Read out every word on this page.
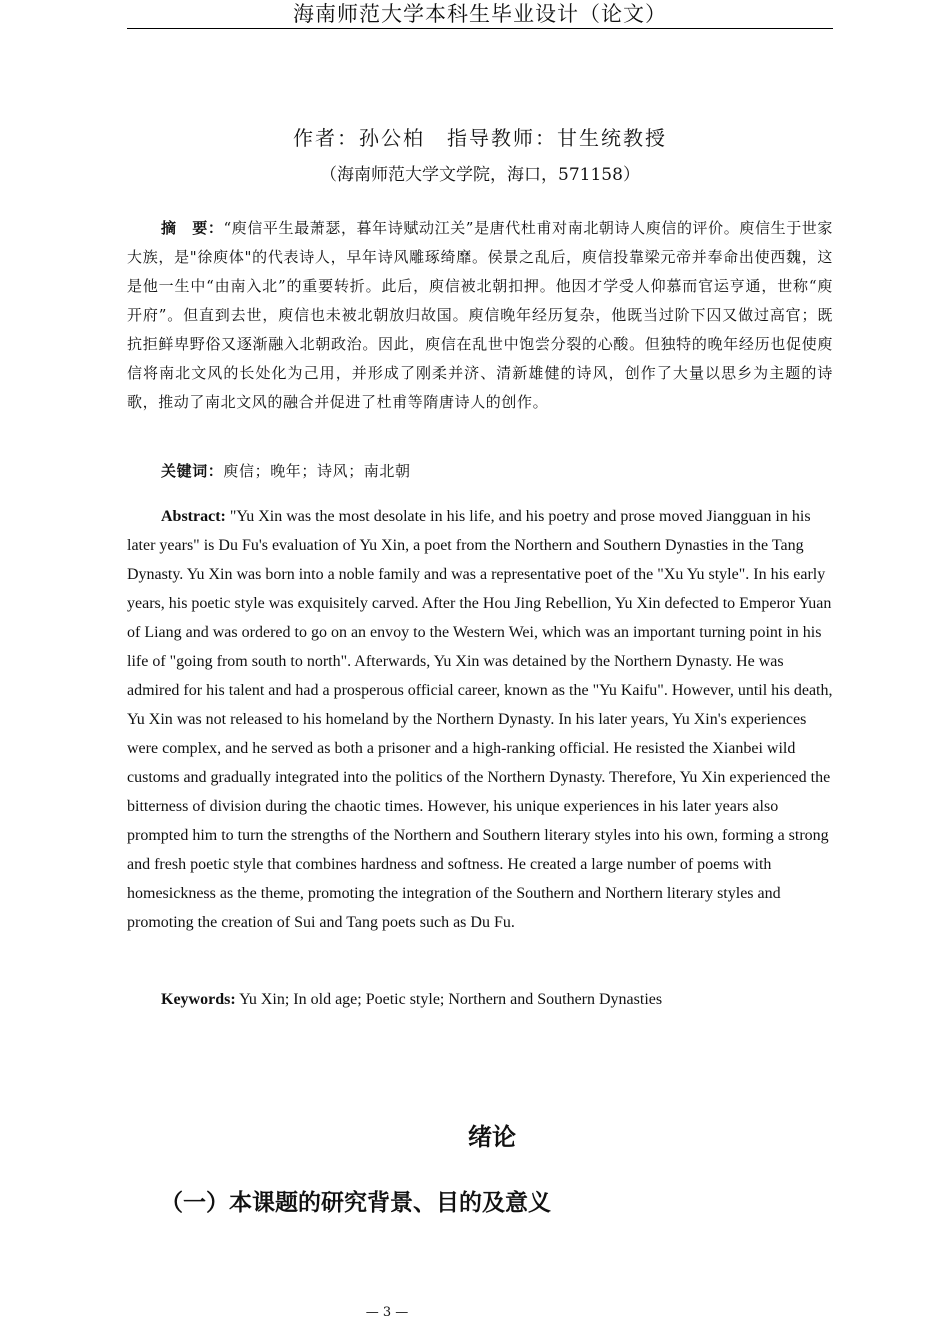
海南师范大学本科生毕业设计（论文）
作者：孙公柏　指导教师：甘生统教授
（海南师范大学文学院，海口，571158）

摘　要：“庾信平生最萧瑟，暮年诗赋动江关”是唐代杜甫对南北朝诗人庾信的评价。庾信生于世家大族，是"徐庾体"的代表诗人，早年诗风雕琢绮靡。侯景之乱后，庾信投靠梁元帝并奉命出使西魏，这是他一生中“由南入北”的重要转折。此后，庾信被北朝扣押。他因才学受人仰慕而官运亨通，世称“庾开府”。但直到去世，庾信也未被北朝放归故国。庾信晚年经历复杂，他既当过阶下囚又做过高官；既抗拒鲜卑野俗又逐渐融入北朝政治。因此，庾信在乱世中饱尝分裂的心酸。但独特的晚年经历也促使庾信将南北文风的长处化为己用，并形成了刚柔并济、清新雄健的诗风，创作了大量以思乡为主题的诗歌，推动了南北文风的融合并促进了杜甫等隋唐诗人的创作。

关键词：庾信；晚年；诗风；南北朝

Abstract: "Yu Xin was the most desolate in his life, and his poetry and prose moved Jiangguan in his later years" is Du Fu's evaluation of Yu Xin, a poet from the Northern and Southern Dynasties in the Tang Dynasty. Yu Xin was born into a noble family and was a representative poet of the "Xu Yu style". In his early years, his poetic style was exquisitely carved. After the Hou Jing Rebellion, Yu Xin defected to Emperor Yuan of Liang and was ordered to go on an envoy to the Western Wei, which was an important turning point in his life of "going from south to north". Afterwards, Yu Xin was detained by the Northern Dynasty. He was admired for his talent and had a prosperous official career, known as the "Yu Kaifu". However, until his death, Yu Xin was not released to his homeland by the Northern Dynasty. In his later years, Yu Xin's experiences were complex, and he served as both a prisoner and a high-ranking official. He resisted the Xianbei wild customs and gradually integrated into the politics of the Northern Dynasty. Therefore, Yu Xin experienced the bitterness of division during the chaotic times. However, his unique experiences in his later years also prompted him to turn the strengths of the Northern and Southern literary styles into his own, forming a strong and fresh poetic style that combines hardness and softness. He created a large number of poems with homesickness as the theme, promoting the integration of the Southern and Northern literary styles and promoting the creation of Sui and Tang poets such as Du Fu.

Keywords: Yu Xin; In old age; Poetic style; Northern and Southern Dynasties
绪论
（一）本课题的研究背景、目的及意义
— 3 —
